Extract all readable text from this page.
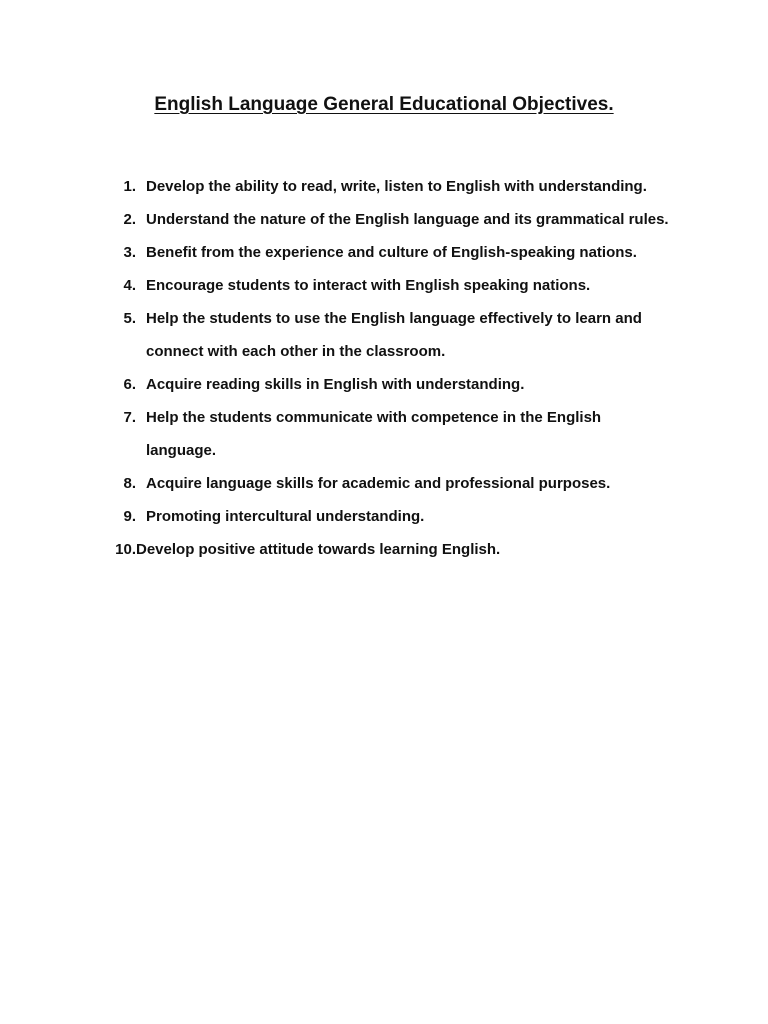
English Language General Educational Objectives.
1. Develop the ability to read, write, listen to English with understanding.
2. Understand the nature of the English language and its grammatical rules.
3. Benefit from the experience and culture of English-speaking nations.
4. Encourage students to interact with English speaking nations.
5. Help the students to use the English language effectively to learn and connect with each other in the classroom.
6. Acquire reading skills in English with understanding.
7. Help the students communicate with competence in the English language.
8. Acquire language skills for academic and professional purposes.
9. Promoting intercultural understanding.
10. Develop positive attitude towards learning English.
